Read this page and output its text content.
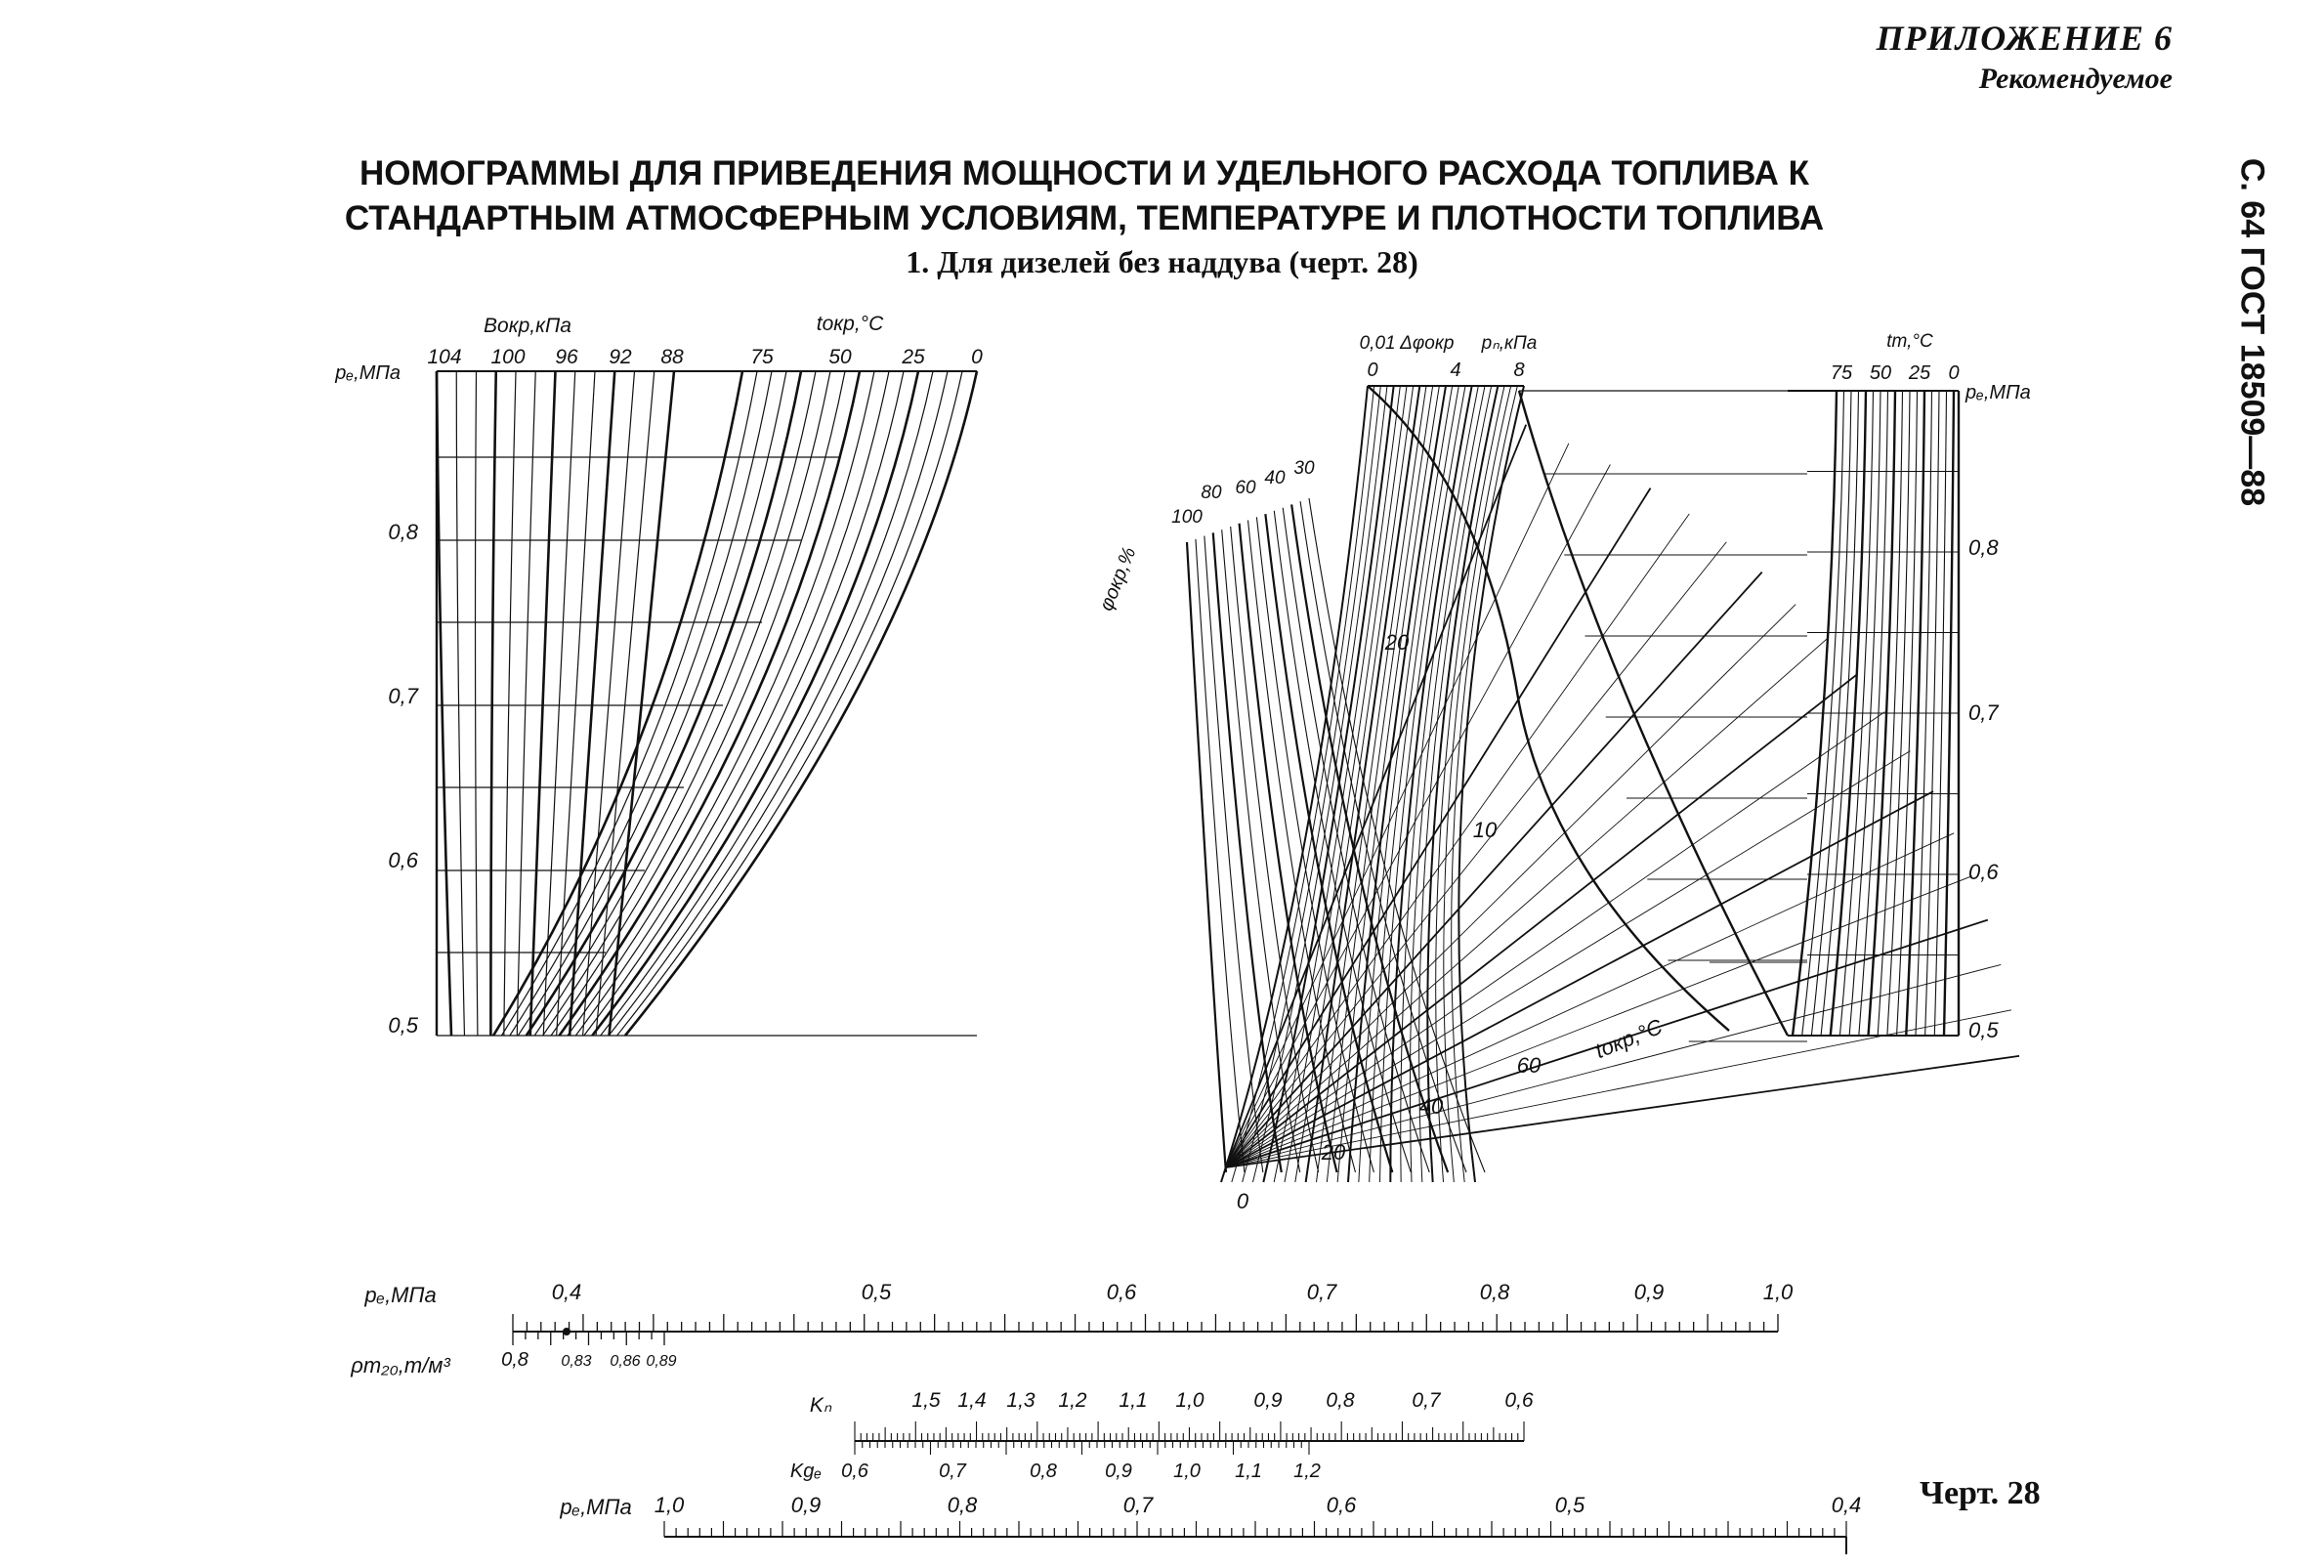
ПРИЛОЖЕНИЕ 6
Рекомендуемое
С. 64 ГОСТ 18509—88
НОМОГРАММЫ ДЛЯ ПРИВЕДЕНИЯ МОЩНОСТИ И УДЕЛЬНОГО РАСХОДА ТОПЛИВА К
СТАНДАРТНЫМ АТМОСФЕРНЫМ УСЛОВИЯМ, ТЕМПЕРАТУРЕ И ПЛОТНОСТИ ТОПЛИВА
1. Для дизелей без наддува (черт. 28)
0,8
0,7
0,6
0,5
pₑ,МПа
104 100 96 92 88
Bокр,кПа
75	50 25 0
tокр,°С
0	4	8
0,01 Δφокр pₙ,кПа
100
80 60 40 30
φокр,%
20
10
0
20
40
60
tокр,°С
75 50 25 0
tт,°С
pₑ,МПа
0,8
0,7
0,6
0,5
0,4	0,5	0,6	0,7	0,8	0,9	1,0
pₑ,МПа
0,8 0,83 0,86 0,89
ρт₂₀,т/м³
1,5 1,4 1,3 1,2 1,1 1,0 0,9 0,8	0,7	0,6
Kₙ
0,6	0,7	0,8 0,9 1,0 1,1 1,2
Kgₑ
1,0	0,9	0,8	0,7	0,6	0,5	0,4
pₑ,МПа	Черт. 28
